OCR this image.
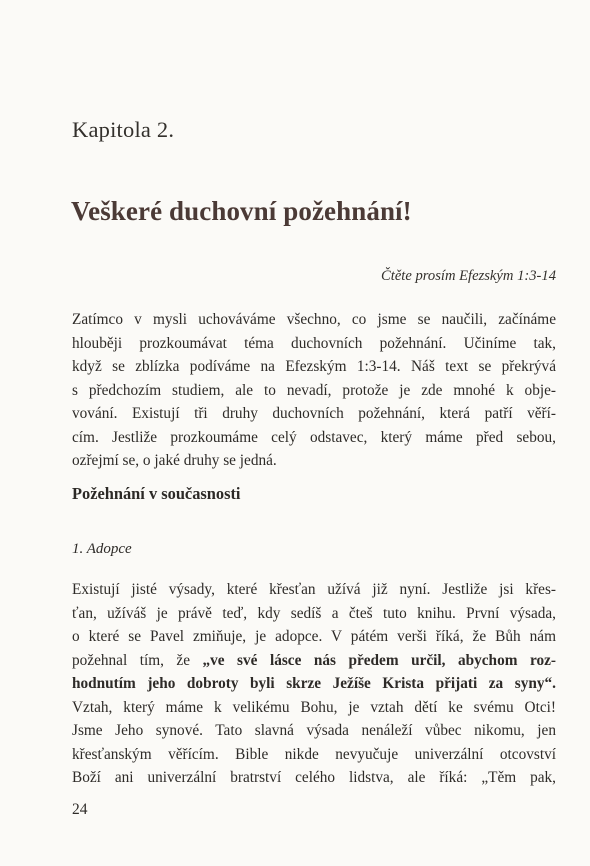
Kapitola 2.
Veškeré duchovní požehnání!
Čtěte prosím Efezským 1:3-14
Zatímco v mysli uchováváme všechno, co jsme se naučili, začínáme
hlouběji prozkoumávat téma duchovních požehnání. Učiníme tak,
když se zblízka podíváme na Efezským 1:3-14. Náš text se překrývá
s předchozím studiem, ale to nevadí, protože je zde mnohé k obje-
vování. Existují tři druhy duchovních požehnání, která patří věří-
cím. Jestliže prozkoumáme celý odstavec, který máme před sebou,
ozřejmí se, o jaké druhy se jedná.
Požehnání v současnosti
1. Adopce
Existují jisté výsady, které křesťan užívá již nyní. Jestliže jsi křes-
ťan, užíváš je právě teď, kdy sedíš a čteš tuto knihu. První výsada,
o které se Pavel zmiňuje, je adopce. V pátém verši říká, že Bůh nám
požehnal tím, že „ve své lásce nás předem určil, abychom roz-
hodnutím jeho dobroty byli skrze Ježíše Krista přijati za syny“.
Vztah, který máme k velikému Bohu, je vztah dětí ke svému Otci!
Jsme Jeho synové. Tato slavná výsada nenáleží vůbec nikomu, jen
křesťanským věřícím. Bible nikde nevyučuje univerzální otcovství
Boží ani univerzální bratrství celého lidstva, ale říká: „Těm pak,
24
